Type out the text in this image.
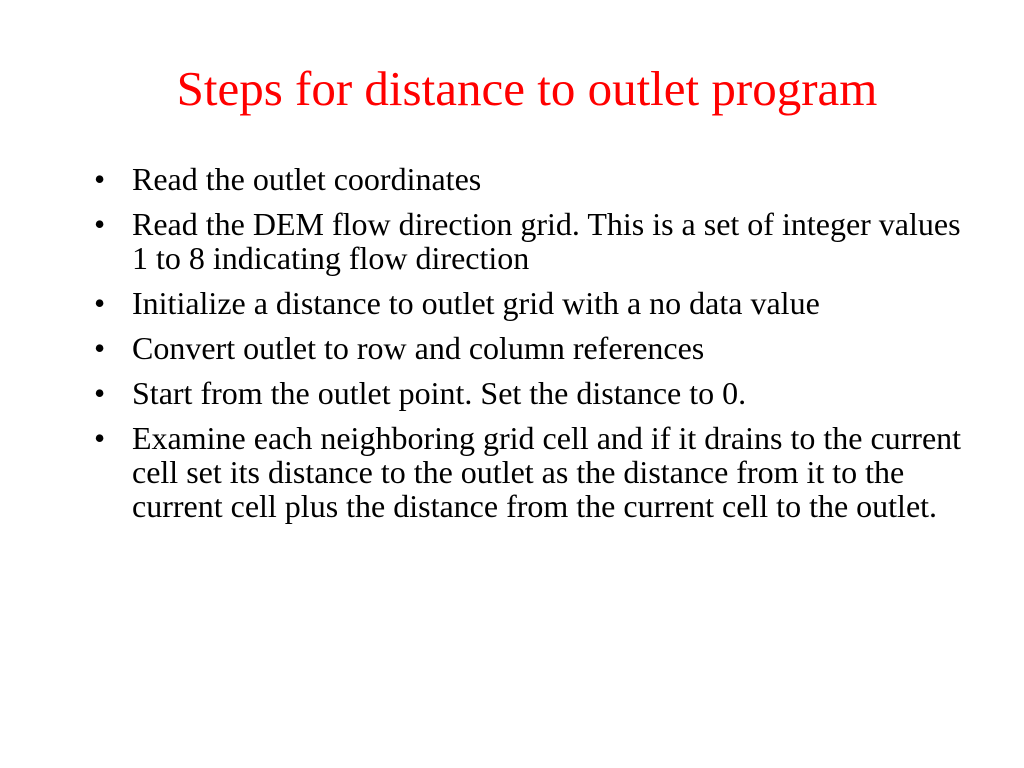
Steps for distance to outlet program
• Read the outlet coordinates
• Read the DEM flow direction grid. This is a set of integer values 1 to 8 indicating flow direction
• Initialize a distance to outlet grid with a no data value
• Convert outlet to row and column references
• Start from the outlet point. Set the distance to 0.
• Examine each neighboring grid cell and if it drains to the current cell set its distance to the outlet as the distance from it to the current cell plus the distance from the current cell to the outlet.
